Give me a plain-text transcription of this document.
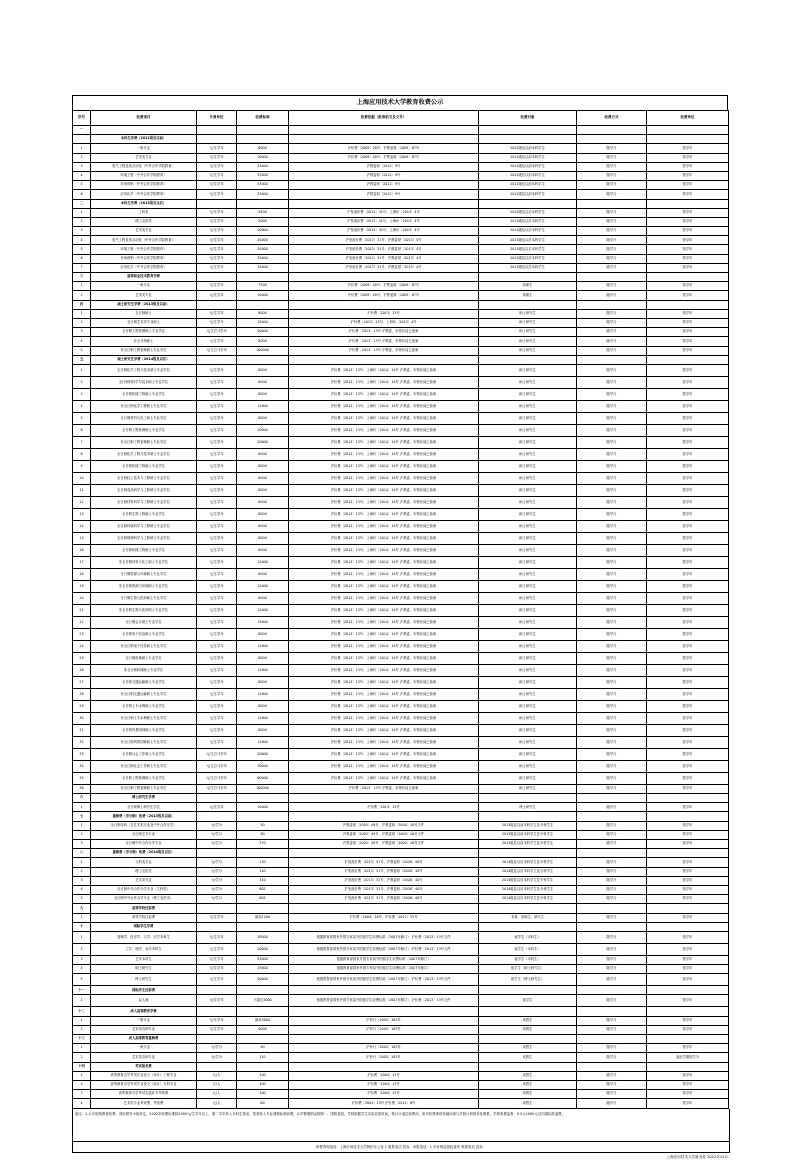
上海应用技术大学教育收费公示
序号	收费项目	计费单位	收费标准	收费依据（批准机关及文号）	收费对象	收费方式	收费单位
一							
	本科生学费（2012级及以前）						
1	一般专业	元/生学年	6000	沪价费〔2009〕20号、沪教委财〔2009〕87号	2012级及以前本科学生	随学分	按学年
2	艺术类专业	元/生学年	10000	沪价费〔2009〕20号、沪教委财〔2009〕87号	2012级及以前本科学生	随学分	按学年
3	电气工程及其自动化（中外合作学院教育）	元/生学年	33000	沪教委财〔2012〕9号	2012级及以前本科学生	随学分	按学年
4	环境工程（中外合作学院教育）	元/生学年	33000	沪教委财〔2012〕9号	2012级及以前本科学生	随学分	按学年
5	市场营销（中外合作学院教育）	元/生学年	33000	沪教委财〔2012〕9号	2012级及以前本科学生	随学分	按学年
6	应用化学（中外合作学院教育）	元/生学年	33000	沪教委财〔2012〕9号	2012级及以前本科学生	随学分	按学年
二	本科生学费（2013级及以后）						
1	工科类	元/生学年	5500	沪发改价费〔2013〕31号、上海价〔2013〕4号	2013级及以后本科学生	随学分	按学年
2	理工农医类	元/生学年	5000	沪发改价费〔2013〕31号、上海价〔2013〕4号	2013级及以后本科学生	随学分	按学年
3	艺术类专业	元/生学年	10000	沪发改价费〔2013〕31号、上海价〔2013〕4号	2013级及以后本科学生	随学分	按学年
4	电气工程及其自动化（中外合作学院教育）	元/生学年	35000	沪发改价费〔2013〕31号、沪教委财〔2013〕4号	2013级及以后本科学生	随学分	按学年
5	环境工程（中外合作学院教育）	元/生学年	35000	沪发改价费〔2013〕31号、沪教委财〔2013〕4号	2013级及以后本科学生	随学分	按学年
6	市场营销（中外合作学院教育）	元/生学年	35000	沪发改价费〔2013〕31号、沪教委财〔2013〕4号	2013级及以后本科学生	随学分	按学年
7	应用化学（中外合作学院教育）	元/生学年	35000	沪发改价费〔2013〕31号、沪教委财〔2013〕4号	2013级及以后本科学生	随学分	按学年
三	高等职业技术教育学费						
1	一般专业	元/生学年	7500	沪价费〔2009〕20号、沪教委财〔2009〕87号	高职生	随学分	按学年
2	艺术类专业	元/生学年	10000	沪价费〔2009〕20号、沪教委财〔2009〕87号	高职生	随学分	按学年
四	硕士研究生学费（2013级及以前）						
1	全日制硕士	元/生学年	8000	沪价费〔2013〕13号	硕士研究生	随学分	按学年
2	全日制艺术类专业硕士	元/生学年	15000	沪价费〔2013〕13号、上海价〔2013〕4号	硕士研究生	随学分	按学年
3	全日制工程管理硕士专业学位	元/生总·3学年	30000	沪价费〔2013〕13号 沪教委、市物价局已备案	硕士研究生	随学分	按学年
4	非全日制硕士	元/生学年	8000	沪价费〔2013〕13号 沪教委、市物价局已备案	硕士研究生	随学分	按学年
5	非全日制工程管理硕士专业学位	元/生总·3学年	100000	沪价费〔2013〕13号 沪教委、市物价局已备案	硕士研究生	随学分	按学年
五	硕士研究生学费（2014级及以后）						
1	全日制化学工程与技术硕士专业学位	元/生学年	8000	沪价费〔2013〕13号、上海价〔2014〕14号 沪教委、市物价局已备案	硕士研究生	随学分	按学年
2	全日制材料学与技术硕士专业学位	元/生学年	8000	沪价费〔2013〕13号、上海价〔2014〕14号 沪教委、市物价局已备案	硕士研究生	随学分	按学年
3	全日制机械工程硕士专业学位	元/生学年	8000	沪价费〔2013〕13号、上海价〔2014〕14号 沪教委、市物价局已备案	硕士研究生	随学分	按学年
4	非全日制化学工程硕士专业学位	元/生学年	12000	沪价费〔2013〕13号、上海价〔2014〕14号 沪教委、市物价局已备案	硕士研究生	随学分	按学年
5	全日制材料与化工硕士专业学位	元/生学年	8000	沪价费〔2013〕13号、上海价〔2014〕14号 沪教委、市物价局已备案	硕士研究生	随学分	按学年
6	全日制工程管理硕士专业学位	元/生学年	20000	沪价费〔2013〕13号、上海价〔2014〕14号 沪教委、市物价局已备案	硕士研究生	随学分	按学年
7	非全日制工程管理硕士专业学位	元/生学年	20000	沪价费〔2013〕13号、上海价〔2014〕14号 沪教委、市物价局已备案	硕士研究生	随学分	按学年
8	全日制化学工程与技术硕士专业学位	元/生学年	8000	沪价费〔2013〕13号、上海价〔2014〕14号 沪教委、市物价局已备案	硕士研究生	随学分	按学年
9	全日制机械工程硕士专业学位	元/生学年	8000	沪价费〔2013〕13号、上海价〔2014〕14号 沪教委、市物价局已备案	硕士研究生	随学分	按学年
10	全日制轻工技术与工程硕士专业学位	元/生学年	8000	沪价费〔2013〕13号、上海价〔2014〕14号 沪教委、市物价局已备案	硕士研究生	随学分	按学年
11	全日制食品科学与工程硕士专业学位	元/生学年	8000	沪价费〔2013〕13号、上海价〔2014〕14号 沪教委、市物价局已备案	硕士研究生	随学分	按学年
12	全日制材料科学与工程硕士专业学位	元/生学年	8000	沪价费〔2013〕13号、上海价〔2014〕14号 沪教委、市物价局已备案	硕士研究生	随学分	按学年
13	全日制生物工程硕士专业学位	元/生学年	8000	沪价费〔2013〕13号、上海价〔2014〕14号 沪教委、市物价局已备案	硕士研究生	随学分	按学年
14	全日制环境科学与工程硕士专业学位	元/生学年	8000	沪价费〔2013〕13号、上海价〔2014〕14号 沪教委、市物价局已备案	硕士研究生	随学分	按学年
15	全日制管理科学与工程硕士专业学位	元/生学年	8000	沪价费〔2013〕13号、上海价〔2014〕14号 沪教委、市物价局已备案	硕士研究生	随学分	按学年
16	全日制机械工程硕士专业学位	元/生学年	8000	沪价费〔2013〕13号、上海价〔2014〕14号 沪教委、市物价局已备案	硕士研究生	随学分	按学年
17	非全日制材料与化工硕士专业学位	元/生学年	12000	沪价费〔2013〕13号、上海价〔2014〕14号 沪教委、市物价局已备案	硕士研究生	随学分	按学年
18	全日制资源与环境硕士专业学位	元/生学年	8000	沪价费〔2013〕13号、上海价〔2014〕14号 沪教委、市物价局已备案	硕士研究生	随学分	按学年
19	非全日制资源与环境硕士专业学位	元/生学年	12000	沪价费〔2013〕13号、上海价〔2014〕14号 沪教委、市物价局已备案	硕士研究生	随学分	按学年
20	全日制生物与医药硕士专业学位	元/生学年	8000	沪价费〔2013〕13号、上海价〔2014〕14号 沪教委、市物价局已备案	硕士研究生	随学分	按学年
21	非全日制生物与医药硕士专业学位	元/生学年	12000	沪价费〔2013〕13号、上海价〔2014〕14号 沪教委、市物价局已备案	硕士研究生	随学分	按学年
22	全日制会计硕士专业学位	元/生学年	15000	沪价费〔2013〕13号、上海价〔2014〕14号 沪教委、市物价局已备案	硕士研究生	随学分	按学年
23	全日制电子信息硕士专业学位	元/生学年	8000	沪价费〔2013〕13号、上海价〔2014〕14号 沪教委、市物价局已备案	硕士研究生	随学分	按学年
24	非全日制电子信息硕士专业学位	元/生学年	12000	沪价费〔2013〕13号、上海价〔2014〕14号 沪教委、市物价局已备案	硕士研究生	随学分	按学年
25	全日制机械硕士专业学位	元/生学年	8000	沪价费〔2013〕13号、上海价〔2014〕14号 沪教委、市物价局已备案	硕士研究生	随学分	按学年
26	非全日制机械硕士专业学位	元/生学年	12000	沪价费〔2013〕13号、上海价〔2014〕14号 沪教委、市物价局已备案	硕士研究生	随学分	按学年
27	全日制交通运输硕士专业学位	元/生学年	8000	沪价费〔2013〕13号、上海价〔2014〕14号 沪教委、市物价局已备案	硕士研究生	随学分	按学年
28	非全日制交通运输硕士专业学位	元/生学年	12000	沪价费〔2013〕13号、上海价〔2014〕14号 沪教委、市物价局已备案	硕士研究生	随学分	按学年
29	全日制土木水利硕士专业学位	元/生学年	8000	沪价费〔2013〕13号、上海价〔2014〕14号 沪教委、市物价局已备案	硕士研究生	随学分	按学年
30	非全日制土木水利硕士专业学位	元/生学年	12000	沪价费〔2013〕13号、上海价〔2014〕14号 沪教委、市物价局已备案	硕士研究生	随学分	按学年
31	全日制风景园林硕士专业学位	元/生学年	8000	沪价费〔2013〕13号、上海价〔2014〕14号 沪教委、市物价局已备案	硕士研究生	随学分	按学年
32	非全日制风景园林硕士专业学位	元/生学年	12000	沪价费〔2013〕13号、上海价〔2014〕14号 沪教委、市物价局已备案	硕士研究生	随学分	按学年
33	全日制社会工作硕士专业学位	元/生总·3学年	20000	沪价费〔2013〕13号、上海价〔2014〕14号 沪教委、市物价局已备案	硕士研究生	随学分	按学年
34	非全日制社会工作硕士专业学位	元/生总·3学年	30000	沪价费〔2013〕13号、上海价〔2014〕14号 沪教委、市物价局已备案	硕士研究生	随学分	按学年
35	全日制工程管理硕士专业学位	元/生总·3学年	60000	沪价费〔2013〕13号、上海价〔2014〕14号 沪教委、市物价局已备案	硕士研究生	随学分	按学年
36	非全日制工程管理硕士专业学位	元/生总·3学年	100000	沪价费〔2013〕13号 沪教委、市物价局已备案	硕士研究生	随学分	按学年
六	博士研究生学费						
1	全日制博士研究生学位	元/生学年	10000	沪价费〔2013〕13号	博士研究生	随学分	按学年
七	重修费（学分制）收费（2013级及以前）						
1	全日制本科（含艺术类专业及中外合作办学）	元/学分	50	沪教委财〔2003〕49号、沪教委财〔2004〕18号文件	2013级及以前本科学生及专科学生	随学分	按学年
2	全日制艺术专业	元/学分	90	沪教委财〔2003〕49号、沪教委财〔2004〕18号文件	2013级及以前本科学生及专科学生	随学分	按学年
3	全日制中外合作办学专业	元/学分	270	沪教委财〔2003〕49号、沪教委财〔2004〕18号文件	2013级及以前本科学生及专科学生	随学分	按学年
八	重修费（学分制）收费（2014级及以后）						
1	文科类专业	元/学分	130	沪发改价费〔2013〕31号、沪教委财〔2008〕40号	2014级及以后本科学生及专科学生	随学分	按学年
2	理工农医类	元/学分	140	沪发改价费〔2013〕31号、沪教委财〔2008〕40号	2014级及以后本科学生及专科学生	随学分	按学年
3	艺术类专业	元/学分	310	沪发改价费〔2013〕31号、沪教委财〔2008〕40号	2014级及以后本科学生及专科学生	随学分	按学年
4	全日制中外合作办学专业（文科类）	元/学分	602	沪发改价费〔2013〕31号、沪教委财〔2008〕40号	2014级及以后本科学生及专科学生	随学分	按学年
5	全日制中外合作办学专业（理工农医类）	元/学分	602	沪发改价费〔2013〕31号、沪教委财〔2008〕40号	2014级及以后本科学生及专科学生	随学分	按学年
九	高等学校住宿费						
1	高等学校住宿费	元/生学年	最高1200	沪价费〔2004〕16号、沪价费〔2012〕15号	本科、高职生、研究生	随学分	按学年
十	国际学生学费						
1	管理学、经济学、文学、法学本科生	元/生学年	18000	根据教育部国家外国专家局外国留学生收费标准（2007年修订） 沪价费〔2013〕13号文件	留学生（本科生）	随学分	按学年
2	工学、理学、农学本科生	元/生学年	20000	根据教育部国家外国专家局外国留学生收费标准（2007年修订） 沪价费〔2013〕13号文件	留学生（本科生）	随学分	按学年
3	艺术本科生	元/生学年	25000	根据教育部国家外国专家局外国留学生收费标准（2007年修订）	留学生（本科生）	随学分	按学年
4	硕士研究生	元/生学年	25000	根据教育部国家外国专家局外国留学生收费标准（2007年修订）	留学生（硕士研究生）	随学分	按学年
5	博士研究生	元/生学年	30000	根据教育部国家外国专家局外国留学生收费标准（2007年修订） 沪价费〔2013〕13号文件	留学生（博士研究生）	随学分	按学年
十一	国际学生住宿费						
1	双人间	元/生学年	不超过3000	根据教育部国家外国专家局外国留学生收费标准（2007年修订） 沪价费〔2013〕13号文件	留学生	随学分	按学年
十二	成人高等教育学费						
1	一般专业	元/生学年	最高3000	沪价行〔2005〕183号	成教生	随学分	按学年
2	艺术类各种专业	元/生学年	4000	沪价行〔2005〕183号	成教生	随学分	按学年
十三	成人高等教育重修费						
1	一般专业	元/学分	90	沪价行〔2005〕183号	成教生	随学分	按学年
2	艺术类各种专业	元/学分	110	沪价行〔2005〕183号	成教生	随学分	追征学期按学分
十四	考试报名费						
1	高等教育自学考试毕业论文（设计）工程专业	元/人	100	沪价费〔2004〕13号	成教生	随学分	按学年
2	高等教育自学考试毕业论文（设计）专科专业	元/人	100	沪价费〔2004〕13号	成教生	随学分	按学年
3	高等教育自学考试实践环节考核费	元/人	100	沪价费〔2004〕13号	成教生	随学分	按学年
4	艺术类专业考试费、考试费	元/人	80	沪价费〔2004〕13号 沪价费〔2011〕6号	成教生	随学分	按学年
备注：1.大专院校教育收费，须经领导小组审定，2022年收费标准除2000元/生学年以上，第二学年转入本科生按前，按其转入专业课程标准收费，3.学费缴纳由按期一、国防退役，学校根据学生实际住宿时间，按月计退住宿费用，如对收费事项有疑问请与学校计划财务处联系，学校收费监督：0.5元1000元以内超标准退费。
收费咨询电话：上海应用技术大学物价办公室 1 联系电话 投诉、举报电话：1 市价格监督检查所 联系电话 投诉：
上海应用技术大学财务处 2022年12月
